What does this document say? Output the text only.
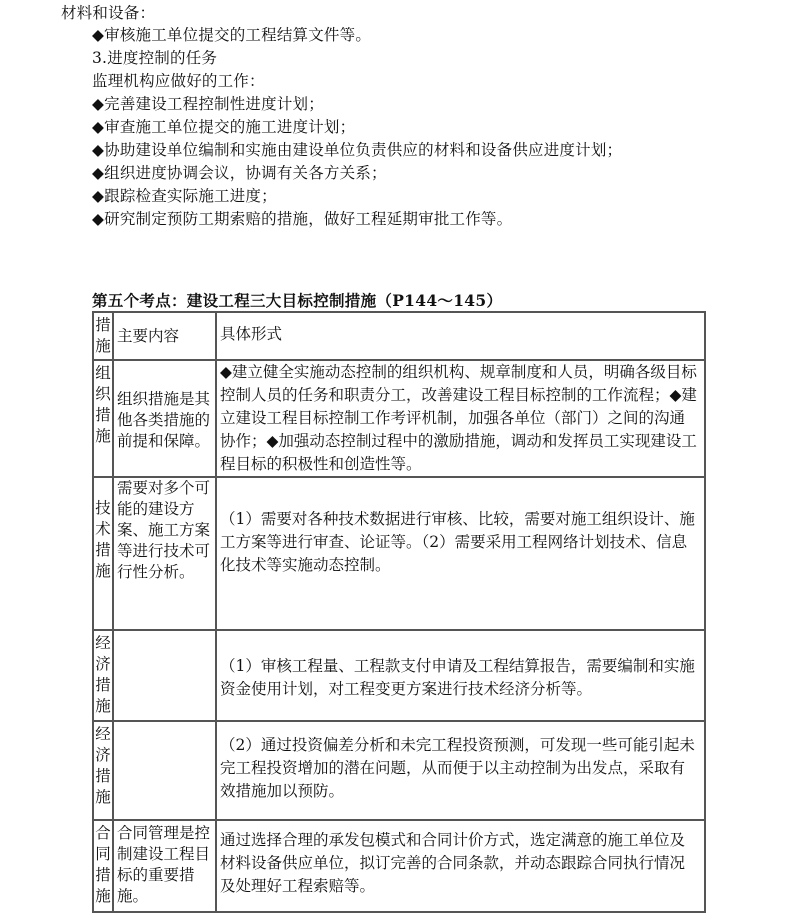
材料和设备：
◆审核施工单位提交的工程结算文件等。
3.进度控制的任务
监理机构应做好的工作：
◆完善建设工程控制性进度计划；
◆审查施工单位提交的施工进度计划；
◆协助建设单位编制和实施由建设单位负责供应的材料和设备供应进度计划；
◆组织进度协调会议，协调有关各方关系；
◆跟踪检查实际施工进度；
◆研究制定预防工期索赔的措施，做好工程延期审批工作等。
第五个考点：建设工程三大目标控制措施（P144～145）
措施	主要内容	具体形式
组织措施	组织措施是其他各类措施的前提和保障。	◆建立健全实施动态控制的组织机构、规章制度和人员，明确各级目标控制人员的任务和职责分工，改善建设工程目标控制的工作流程；◆建立建设工程目标控制工作考评机制，加强各单位（部门）之间的沟通协作；◆加强动态控制过程中的激励措施，调动和发挥员工实现建设工程目标的积极性和创造性等。
技术措施	需要对多个可能的建设方案、施工方案等进行技术可行性分析。	（1）需要对各种技术数据进行审核、比较，需要对施工组织设计、施工方案等进行审查、论证等。（2）需要采用工程网络计划技术、信息化技术等实施动态控制。
经济措施		（1）审核工程量、工程款支付申请及工程结算报告，需要编制和实施资金使用计划，对工程变更方案进行技术经济分析等。
经济措施		（2）通过投资偏差分析和未完工程投资预测，可发现一些可能引起未完工程投资增加的潜在问题，从而便于以主动控制为出发点，采取有效措施加以预防。
合同措施	合同管理是控制建设工程目标的重要措施。	通过选择合理的承发包模式和合同计价方式，选定满意的施工单位及材料设备供应单位，拟订完善的合同条款，并动态跟踪合同执行情况及处理好工程索赔等。
